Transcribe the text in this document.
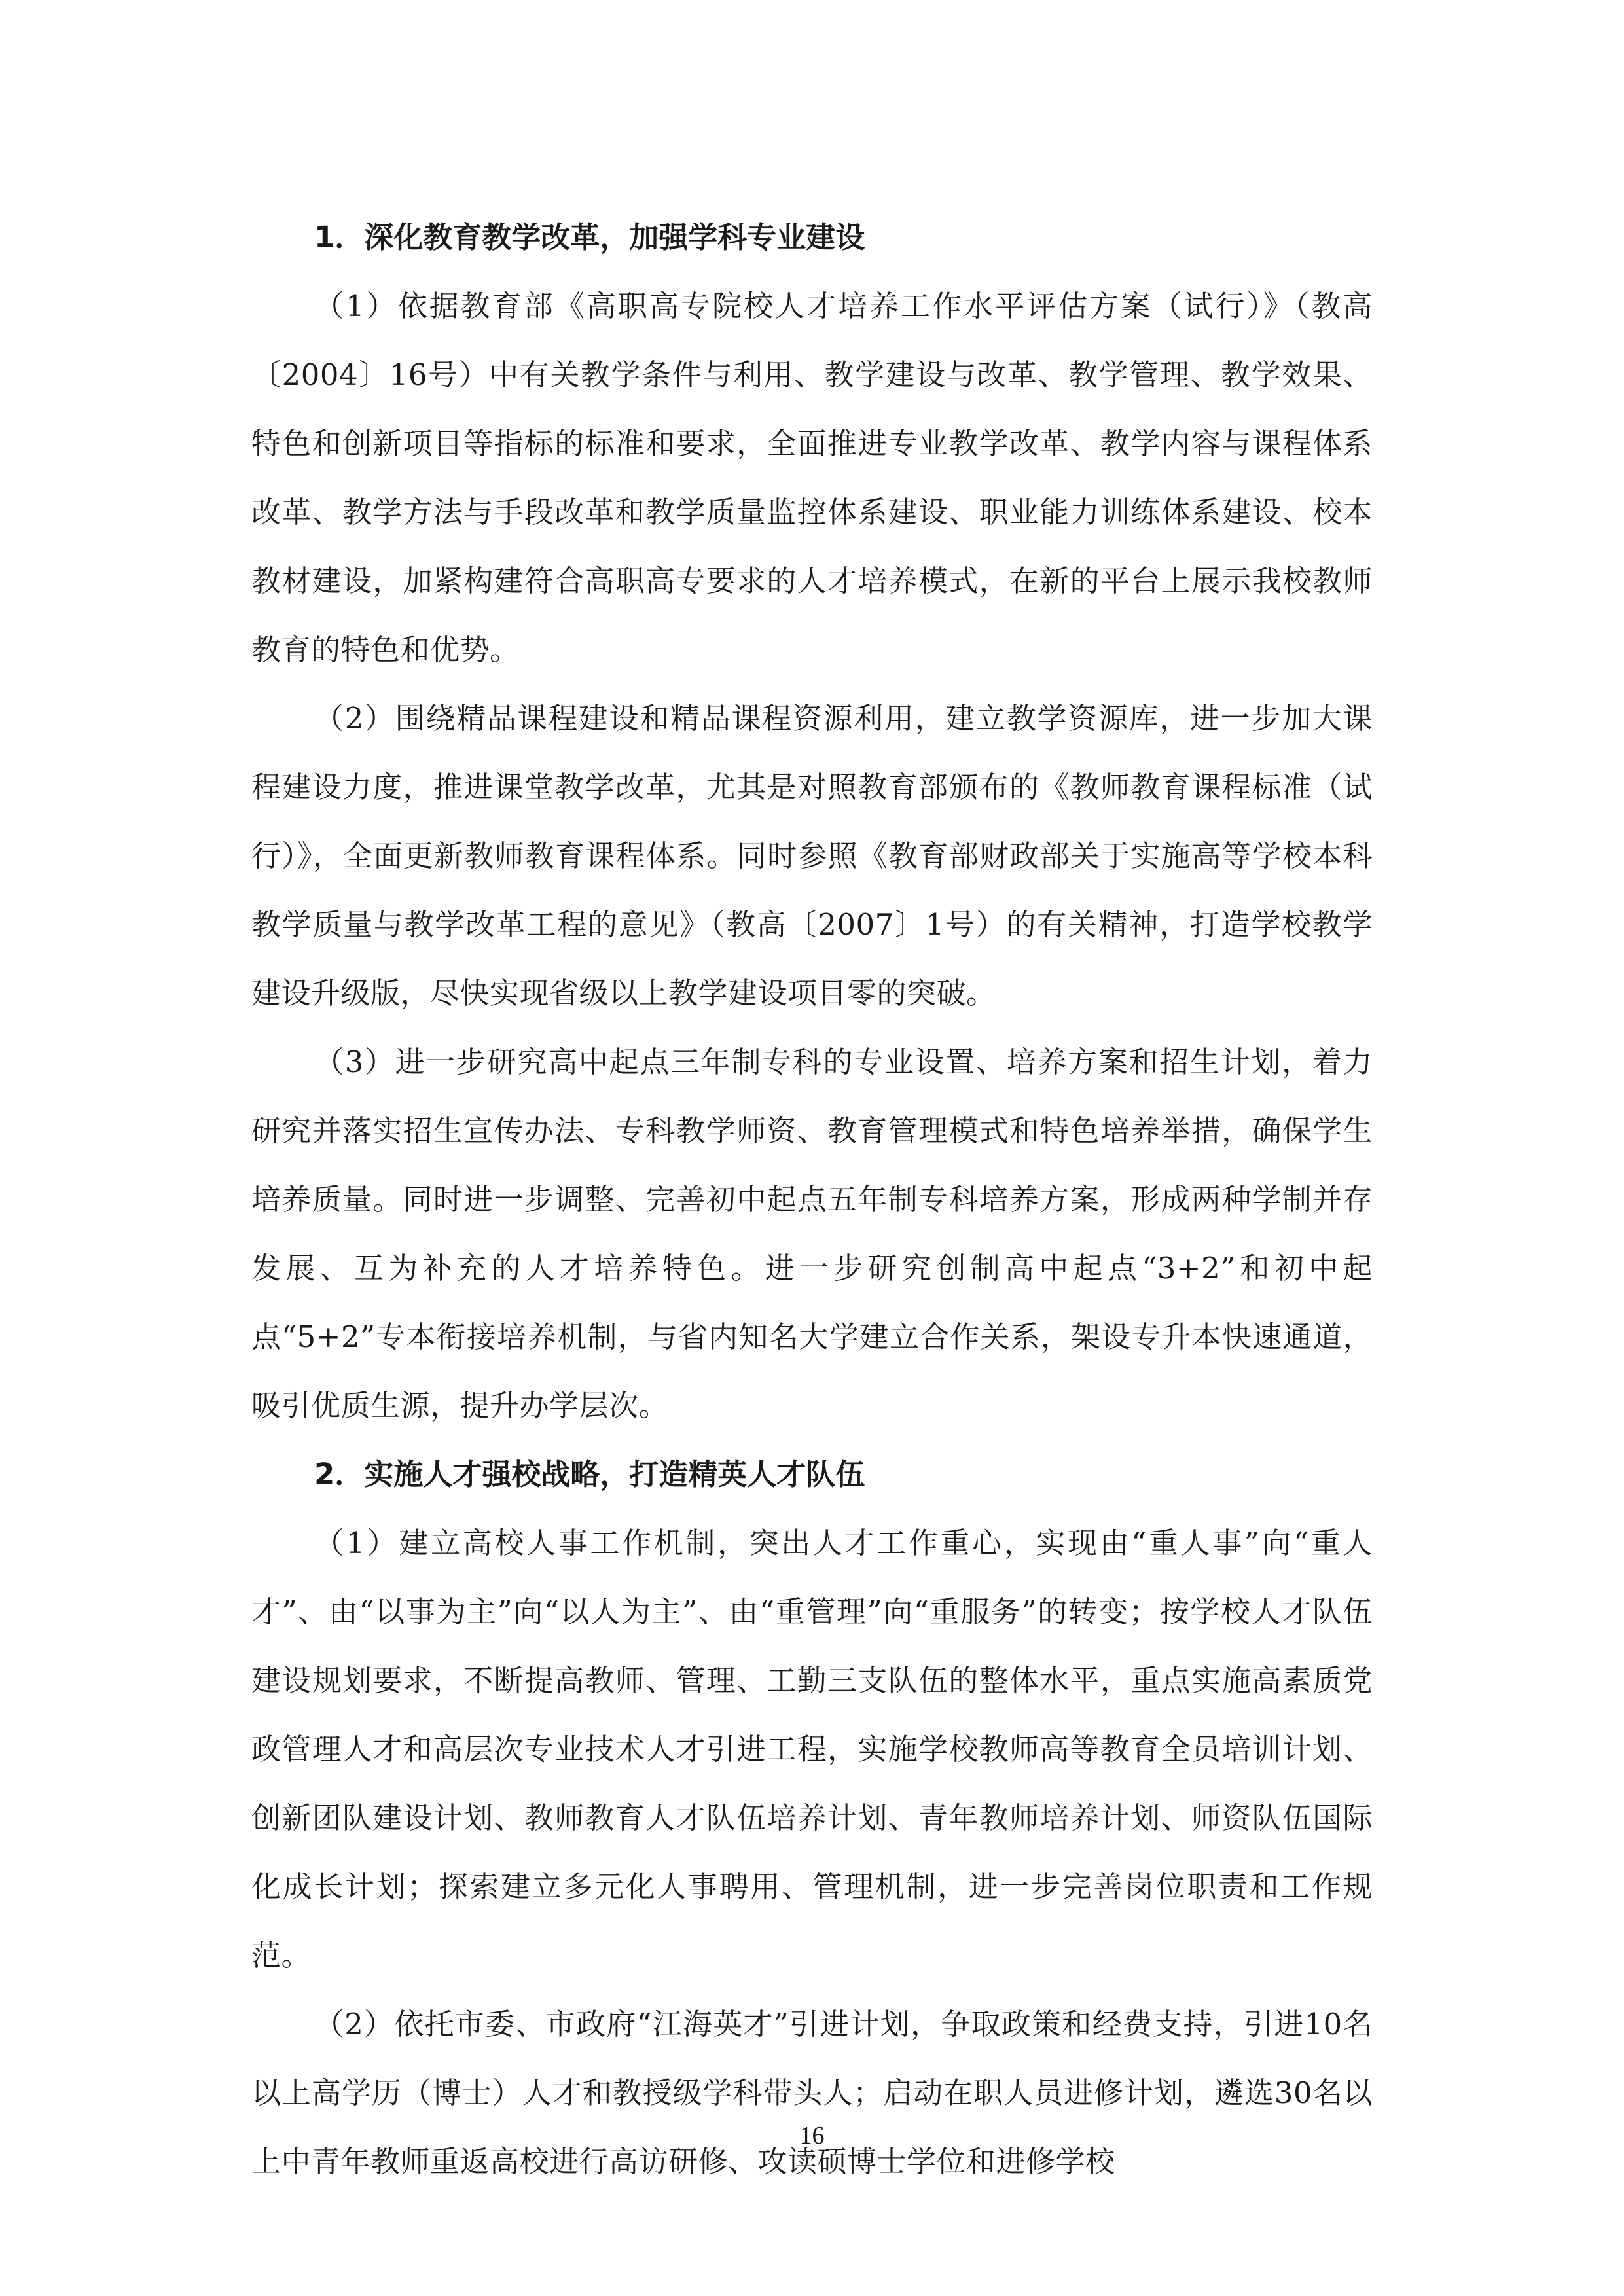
1．深化教育教学改革，加强学科专业建设

（1）依据教育部《高职高专院校人才培养工作水平评估方案（试行）》（教高〔2004〕16号）中有关教学条件与利用、教学建设与改革、教学管理、教学效果、特色和创新项目等指标的标准和要求，全面推进专业教学改革、教学内容与课程体系改革、教学方法与手段改革和教学质量监控体系建设、职业能力训练体系建设、校本教材建设，加紧构建符合高职高专要求的人才培养模式，在新的平台上展示我校教师教育的特色和优势。

（2）围绕精品课程建设和精品课程资源利用，建立教学资源库，进一步加大课程建设力度，推进课堂教学改革，尤其是对照教育部颁布的《教师教育课程标准（试行）》，全面更新教师教育课程体系。同时参照《教育部财政部关于实施高等学校本科教学质量与教学改革工程的意见》（教高〔2007〕1号）的有关精神，打造学校教学建设升级版，尽快实现省级以上教学建设项目零的突破。

（3）进一步研究高中起点三年制专科的专业设置、培养方案和招生计划，着力研究并落实招生宣传办法、专科教学师资、教育管理模式和特色培养举措，确保学生培养质量。同时进一步调整、完善初中起点五年制专科培养方案，形成两种学制并存发展、互为补充的人才培养特色。进一步研究创制高中起点“3+2”和初中起点“5+2”专本衔接培养机制，与省内知名大学建立合作关系，架设专升本快速通道，吸引优质生源，提升办学层次。

2．实施人才强校战略，打造精英人才队伍

（1）建立高校人事工作机制，突出人才工作重心，实现由“重人事”向“重人才”、由“以事为主”向“以人为主”、由“重管理”向“重服务”的转变；按学校人才队伍建设规划要求，不断提高教师、管理、工勤三支队伍的整体水平，重点实施高素质党政管理人才和高层次专业技术人才引进工程，实施学校教师高等教育全员培训计划、创新团队建设计划、教师教育人才队伍培养计划、青年教师培养计划、师资队伍国际化成长计划；探索建立多元化人事聘用、管理机制，进一步完善岗位职责和工作规范。

（2）依托市委、市政府“江海英才”引进计划，争取政策和经费支持，引进10名以上高学历（博士）人才和教授级学科带头人；启动在职人员进修计划，遴选30名以上中青年教师重返高校进行高访研修、攻读硕博士学位和进修学校

16
